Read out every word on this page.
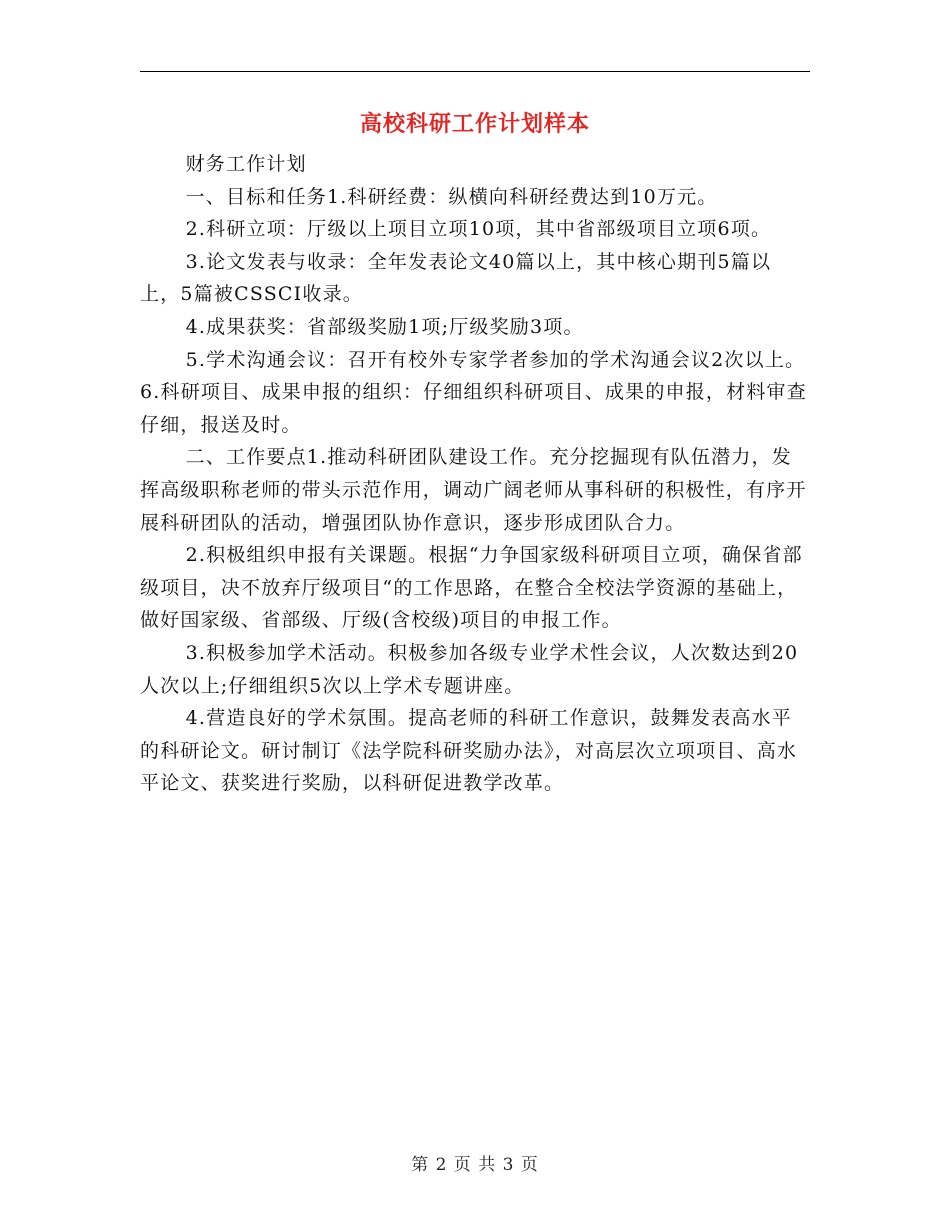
高校科研工作计划样本

财务工作计划

一、目标和任务1.科研经费：纵横向科研经费达到10万元。

2.科研立项：厅级以上项目立项10项，其中省部级项目立项6项。

3.论文发表与收录：全年发表论文40篇以上，其中核心期刊5篇以上，5篇被CSSCI收录。

4.成果获奖：省部级奖励1项;厅级奖励3项。

5.学术沟通会议：召开有校外专家学者参加的学术沟通会议2次以上。6.科研项目、成果申报的组织：仔细组织科研项目、成果的申报，材料审查仔细，报送及时。

二、工作要点1.推动科研团队建设工作。充分挖掘现有队伍潜力，发挥高级职称老师的带头示范作用，调动广阔老师从事科研的积极性，有序开展科研团队的活动，增强团队协作意识，逐步形成团队合力。

2.积极组织申报有关课题。根据“力争国家级科研项目立项，确保省部级项目，决不放弃厅级项目“的工作思路，在整合全校法学资源的基础上，做好国家级、省部级、厅级(含校级)项目的申报工作。

3.积极参加学术活动。积极参加各级专业学术性会议，人次数达到20人次以上;仔细组织5次以上学术专题讲座。

4.营造良好的学术氛围。提高老师的科研工作意识，鼓舞发表高水平的科研论文。研讨制订《法学院科研奖励办法》，对高层次立项项目、高水平论文、获奖进行奖励，以科研促进教学改革。

第 2 页 共 3 页
